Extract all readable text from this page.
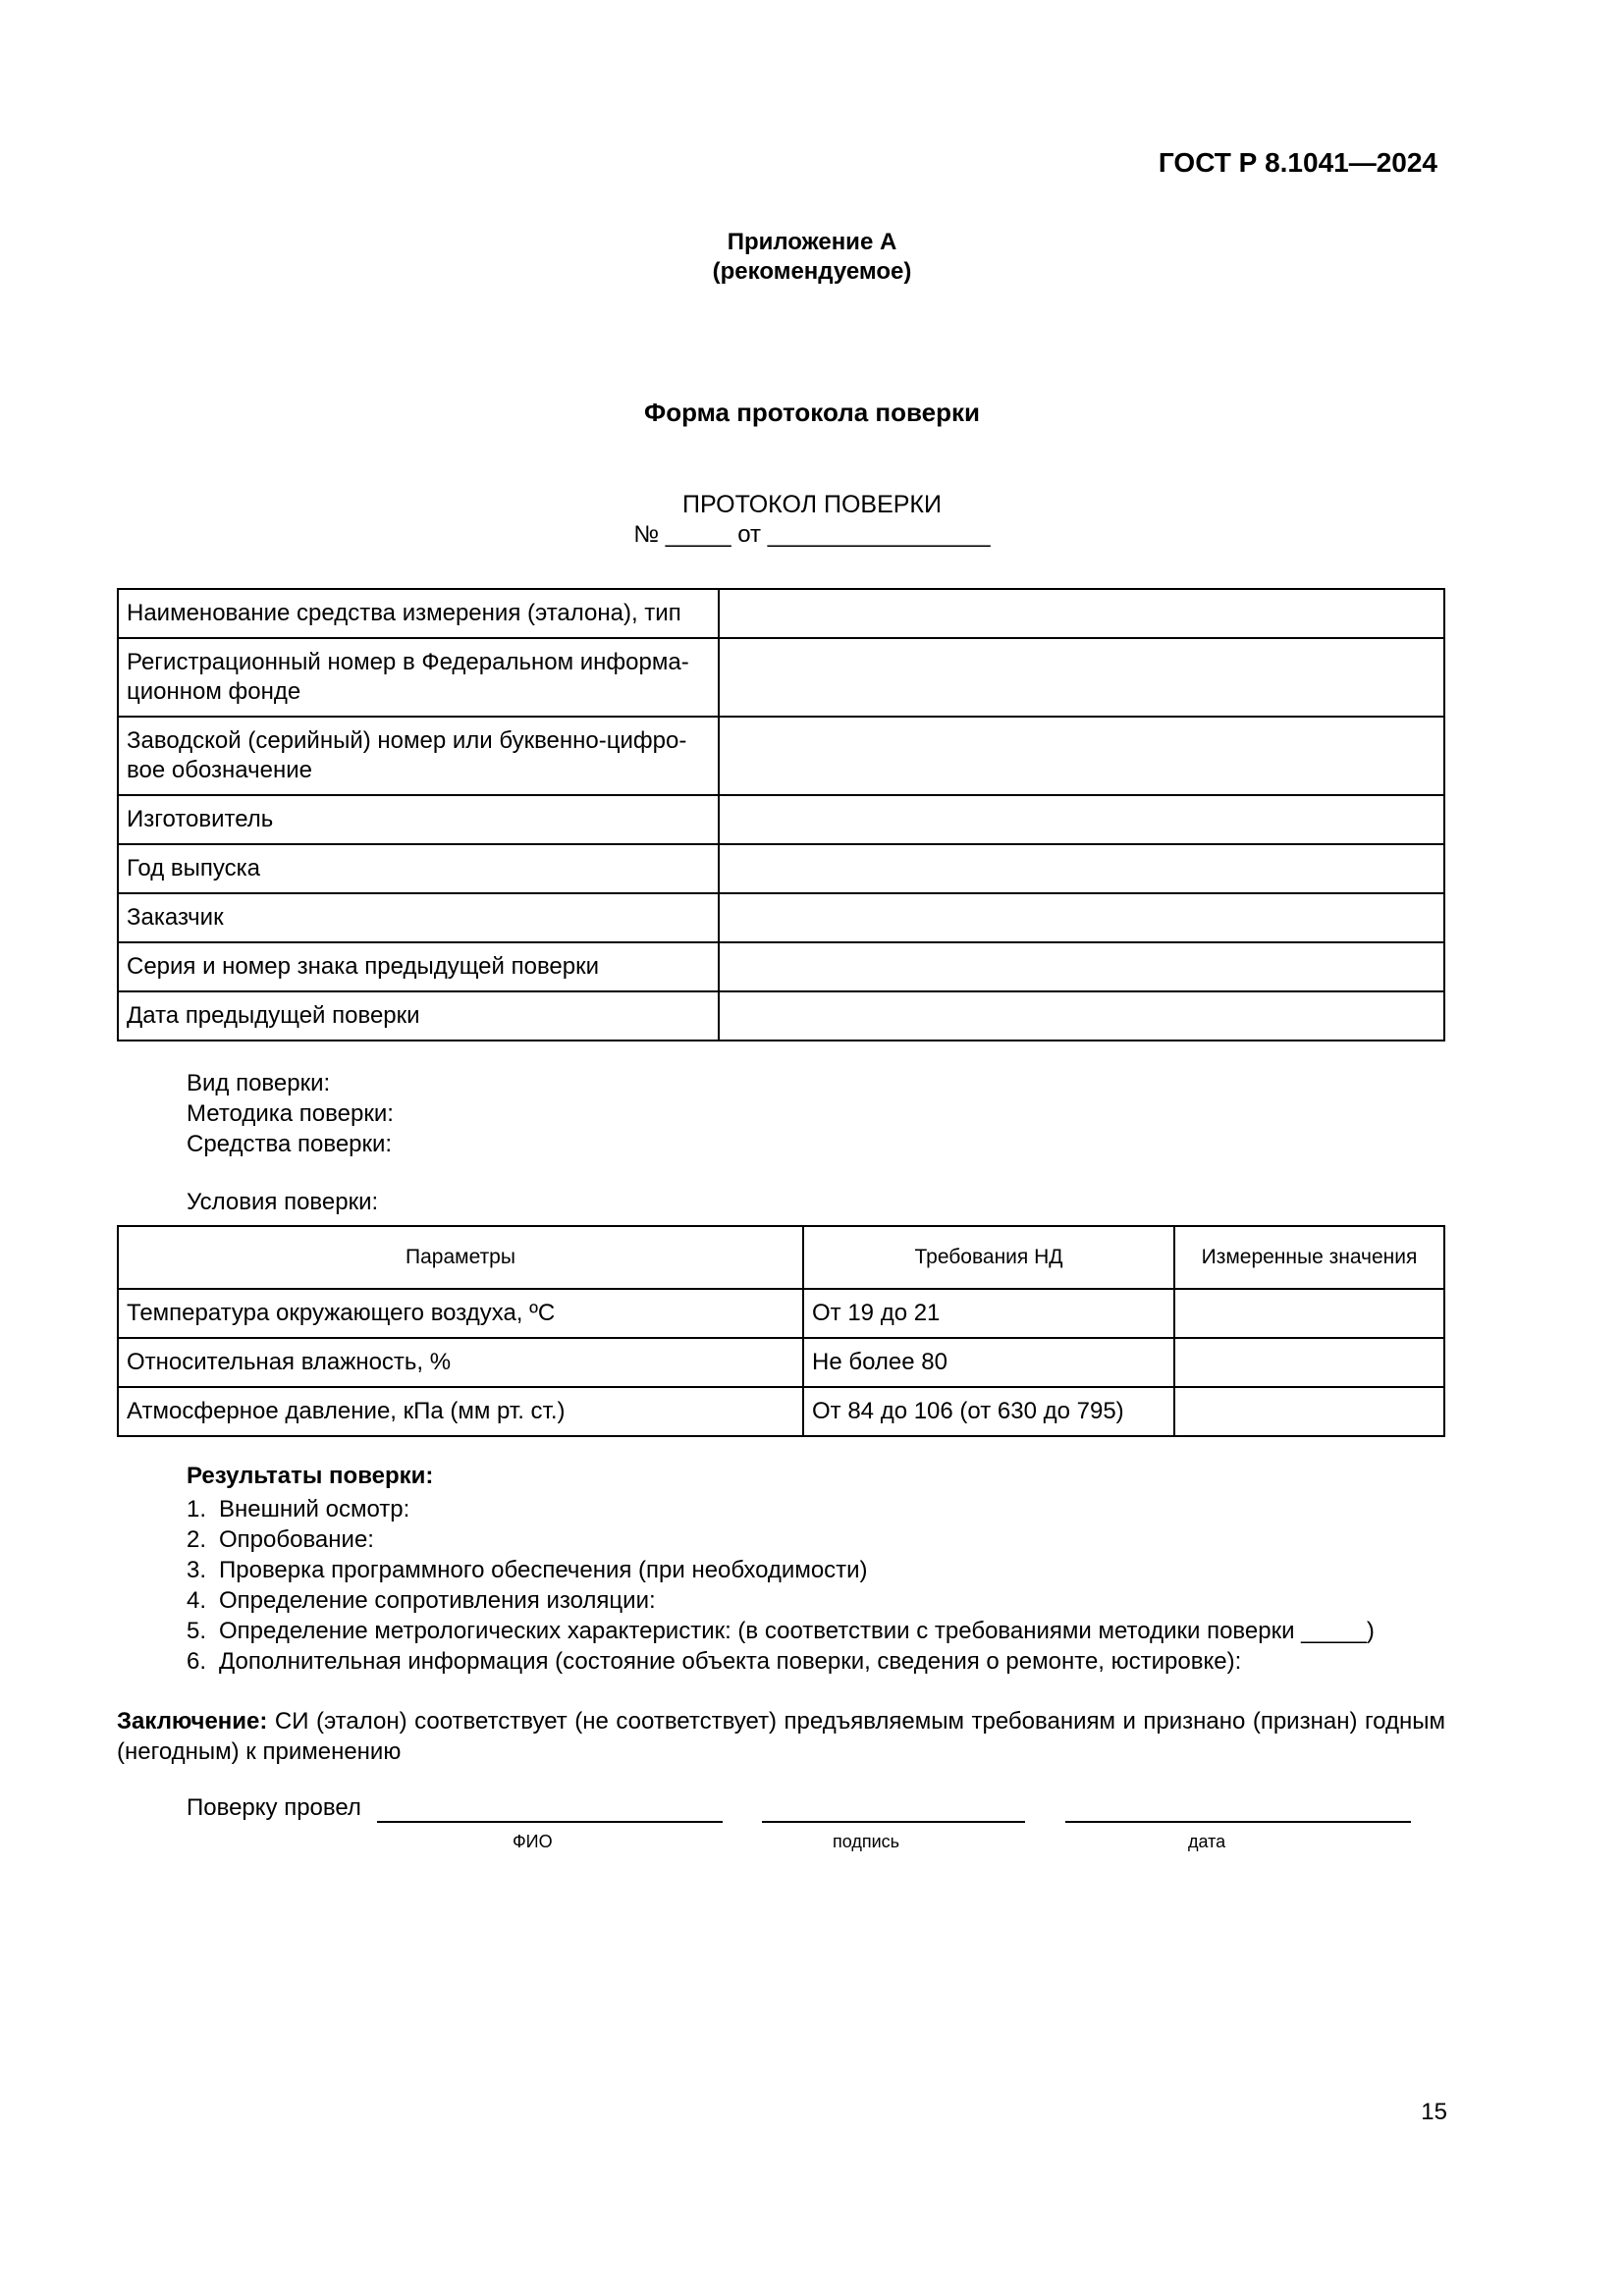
ГОСТ Р 8.1041—2024
Приложение А
(рекомендуемое)
Форма протокола поверки
ПРОТОКОЛ ПОВЕРКИ
№ _____ от _________________
Наименование средства измерения (эталона), тип	
Регистрационный номер в Федеральном информа-ционном фонде	
Заводской (серийный) номер или буквенно-цифро-вое обозначение	
Изготовитель	
Год выпуска	
Заказчик	
Серия и номер знака предыдущей поверки	
Дата предыдущей поверки	
Вид поверки:
Методика поверки:
Средства поверки:
Условия поверки:
Параметры	Требования НД	Измеренные значения
Температура окружающего воздуха, ºС	От 19 до 21	
Относительная влажность, %	Не более 80	
Атмосферное давление, кПа (мм рт. ст.)	От 84 до 106 (от 630 до 795)	
Результаты поверки:
1. Внешний осмотр:
2. Опробование:
3. Проверка программного обеспечения (при необходимости)
4. Определение сопротивления изоляции:
5. Определение метрологических характеристик: (в соответствии с требованиями методики поверки _____)
6. Дополнительная информация (состояние объекта поверки, сведения о ремонте, юстировке):
Заключение: СИ (эталон) соответствует (не соответствует) предъявляемым требованиям и признано (признан) годным (негодным) к применению
Поверку провел
ФИО	подпись	дата
15
